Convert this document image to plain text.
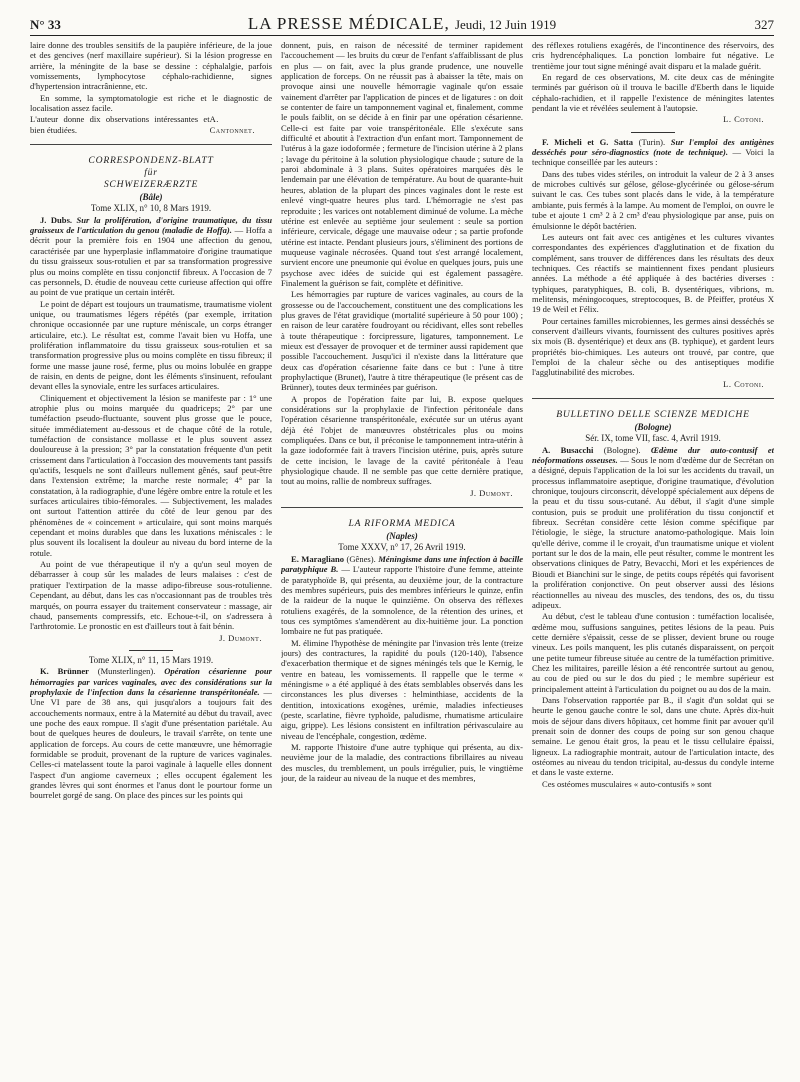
N° 33	LA PRESSE MÉDICALE, Jeudi, 12 Juin 1919	327

laire donne des troubles sensitifs de la paupière inférieure, de la joue et des gencives (nerf maxillaire supérieur). Si la lésion progresse en arrière, la méningite de la base se dessine : céphalalgie, parfois vomissements, lymphocytose céphalo-rachidienne, signes d'hypertension intracrânienne, etc.

En somme, la symptomatologie est riche et le diagnostic de localisation assez facile.

L'auteur donne dix observations intéressantes et bien étudiées.
A. Cantonnet.

CORRESPONDENZ-BLATT
für
SCHWEIZERÆRZTE

(Bâle)

Tome XLIX, n° 10, 8 Mars 1919.

J. Dubs. Sur la prolifération, d'origine traumatique, du tissu graisseux de l'articulation du genou (maladie de Hoffa). — Hoffa a décrit pour la première fois en 1904 une affection du genou, caractérisée par une hyperplasie inflammatoire d'origine traumatique du tissu graisseux sous-rotulien et par sa transformation progressive plus ou moins complète en tissu conjonctif fibreux. A l'occasion de 7 cas personnels, D. étudie de nouveau cette curieuse affection qui offre au point de vue pratique un certain intérêt.

Le point de départ est toujours un traumatisme, traumatisme violent unique, ou traumatismes légers répétés (par exemple, irritation chronique occasionnée par une rupture méniscale, un corps étranger articulaire, etc.). Le résultat est, comme l'avait bien vu Hoffa, une prolifération inflammatoire du tissu graisseux sous-rotulien et sa transformation progressive plus ou moins complète en tissu fibreux; il forme une masse jaune rosé, ferme, plus ou moins lobulée en grappe de raisin, en dents de peigne, dont les éléments s'insinuent, refoulant devant elles la synoviale, entre les surfaces articulaires.

Cliniquement et objectivement la lésion se manifeste par : 1° une atrophie plus ou moins marquée du quadriceps; 2° par une tuméfaction pseudo-fluctuante, souvent plus grosse que le pouce, située immédiatement au-dessous et de chaque côté de la rotule, tuméfaction de consistance mollasse et le plus souvent assez douloureuse à la pression; 3° par la constatation fréquente d'un petit crissement dans l'articulation à l'occasion des mouvements tant passifs qu'actifs, lesquels ne sont d'ailleurs nullement gênés, sauf peut-être dans l'extension extrême; la marche reste normale; 4° par la constatation, à la radiographie, d'une légère ombre entre la rotule et les surfaces articulaires tibio-fémorales. — Subjectivement, les malades ont surtout l'attention attirée du côté de leur genou par des phénomènes de « coincement » articulaire, qui sont moins marqués cependant et moins durables que dans les luxations méniscales : le plus souvent ils localisent la douleur au niveau du bord interne de la rotule.

Au point de vue thérapeutique il n'y a qu'un seul moyen de débarrasser à coup sûr les malades de leurs malaises : c'est de pratiquer l'extirpation de la masse adipo-fibreuse sous-rotulienne. Cependant, au début, dans les cas n'occasionnant pas de troubles très marqués, on pourra essayer du traitement conservateur : massage, air chaud, pansements compressifs, etc. Echoue-t-il, on s'adressera à l'arthrotomie. Le pronostic en est d'ailleurs tout à fait bénin.

J. Dumont.

Tome XLIX, n° 11, 15 Mars 1919.

K. Brünner (Munsterlingen). Opération césarienne pour hémorragies par varices vaginales, avec des considérations sur la prophylaxie de l'infection dans la césarienne transpéritonéale. — Une VI pare de 38 ans, qui jusqu'alors a toujours fait des accouchements normaux, entre à la Maternité au début du travail, avec une poche des eaux rompue. Il s'agit d'une présentation pariétale. Au bout de quelques heures de douleurs, le travail s'arrête, on tente une application de forceps. Au cours de cette manœuvre, une hémorragie formidable se produit, provenant de la rupture de varices vaginales. Celles-ci matelassent toute la paroi vaginale à laquelle elles donnent l'aspect d'un angiome caverneux ; elles occupent également les grandes lèvres qui sont énormes et l'anus dont le pourtour forme un bourrelet gorgé de sang. On place des pinces sur les points qui

donnent, puis, en raison de nécessité de terminer rapidement l'accouchement — les bruits du cœur de l'enfant s'affaiblissant de plus en plus — on fait, avec la plus grande prudence, une nouvelle application de forceps. On ne réussit pas à abaisser la tête, mais on provoque ainsi une nouvelle hémorragie vaginale qu'on essaie vainement d'arrêter par l'application de pinces et de ligatures : on doit se contenter de faire un tamponnement vaginal et, finalement, comme le pouls faiblit, on se décide à en finir par une opération césarienne. Celle-ci est faite par voie transpéritonéale. Elle s'exécute sans difficulté et aboutit à l'extraction d'un enfant mort. Tamponnement de l'utérus à la gaze iodoformée ; fermeture de l'incision utérine à 2 plans ; lavage du péritoine à la solution physiologique chaude ; suture de la paroi abdominale à 3 plans. Suites opératoires marquées dès le lendemain par une élévation de température. Au bout de quarante-huit heures, ablation de la plupart des pinces vaginales dont le reste est enlevé vingt-quatre heures plus tard. L'hémorragie ne s'est pas reproduite ; les varices ont notablement diminué de volume. La mèche utérine est enlevée au septième jour seulement : seule sa portion inférieure, cervicale, dégage une mauvaise odeur ; sa partie profonde utérine est intacte. Pendant plusieurs jours, s'éliminent des portions de muqueuse vaginale nécrosées. Quand tout s'est arrangé localement, survient encore une pneumonie qui évolue en quelques jours, puis une psychose avec idées de suicide qui est également passagère. Finalement la guérison se fait, complète et définitive.

Les hémorragies par rupture de varices vaginales, au cours de la grossesse ou de l'accouchement, constituent une des complications les plus graves de l'état gravidique (mortalité supérieure à 50 pour 100) ; en raison de leur caratère foudroyant ou récidivant, elles sont rebelles à toute thérapeutique : forcipressure, ligatures, tamponnement. Le mieux est d'essayer de provoquer et de terminer aussi rapidement que possible l'accouchement. Jusqu'ici il n'existe dans la littérature que deux cas d'opération césarienne faite dans ce but : l'une à titre prophylactique (Brunet), l'autre à titre thérapeutique (le présent cas de Brünner), toutes deux terminées par guérison.

A propos de l'opération faite par lui, B. expose quelques considérations sur la prophylaxie de l'infection péritonéale dans l'opération césarienne transpéritonéale, exécutée sur un utérus ayant déjà été l'objet de manœuvres obstétricales plus ou moins compliquées. Dans ce but, il préconise le tamponnement intra-utérin à la gaze iodoformée fait à travers l'incision utérine, puis, après suture de cette incision, le lavage de la cavité péritonéale à l'eau physiologique chaude. Il ne semble pas que cette dernière pratique, tout au moins, rallie de nombreux suffrages.

J. Dumont.

LA RIFORMA MEDICA

(Naples)

Tome XXXV, n° 17, 26 Avril 1919.

E. Maragliano (Gênes). Méningisme dans une infection à bacille paratyphique B. — L'auteur rapporte l'histoire d'une femme, atteinte de paratyphoïde B, qui présenta, au deuxième jour, de la contracture des membres supérieurs, puis des membres inférieurs le quinze, enfin de la raideur de la nuque le quinzième. On observa des réflexes rotuliens exagérés, de la somnolence, de la rétention des urines, et tous ces symptômes s'amendèrent au dix-huitième jour. La ponction lombaire ne fut pas pratiquée.

M. élimine l'hypothèse de méningite par l'invasion très lente (treize jours) des contractures, la rapidité du pouls (120-140), l'absence d'exacerbation thermique et de signes méningés tels que le Kernig, le ventre en bateau, les vomissements. Il rappelle que le terme « méningisme » a été appliqué à des états semblables observés dans les circonstances les plus diverses : helminthiase, accidents de la dentition, intoxications exogènes, urémie, maladies infectieuses (peste, scarlatine, fièvre typhoïde, paludisme, rhumatisme articulaire aigu, grippe). Les lésions consistent en infiltration périvasculaire au niveau de l'encéphale, congestion, œdème.

M. rapporte l'histoire d'une autre typhique qui présenta, au dix-neuvième jour de la maladie, des contractions fibrillaires au niveau des muscles, du tremblement, un pouls irrégulier, puis, le vingtième jour, de la raideur au niveau de la nuque et des membres,

des réflexes rotuliens exagérés, de l'incontinence des réservoirs, des cris hydrencéphaliques. La ponction lombaire fut négative. Le trentième jour tout signe méningé avait disparu et la malade guérit.

En regard de ces observations, M. cite deux cas de méningite terminés par guérison où il trouva le bacille d'Eberth dans le liquide céphalo-rachidien, et il rappelle l'existence de méningites latentes pendant la vie et révélées seulement à l'autopsie.

L. Cotoni.

F. Micheli et G. Satta (Turin). Sur l'emploi des antigènes desséchés pour séro-diagnostics (note de technique). — Voici la technique conseillée par les auteurs :

Dans des tubes vides stériles, on introduit la valeur de 2 à 3 anses de microbes cultivés sur gélose, gélose-glycérinée ou gélose-sérum suivant le cas. Ces tubes sont placés dans le vide, à la température ambiante, puis fermés à la lampe. Au moment de l'emploi, on ouvre le tube et ajoute 1 cm³ 2 à 2 cm³ d'eau physiologique par anse, puis on émulsionne le dépôt bactérien.

Les auteurs ont fait avec ces antigènes et les cultures vivantes correspondantes des expériences d'agglutination et de fixation du complément, sans trouver de différences dans les résultats des deux techniques. Ces réactifs se maintiennent fixes pendant plusieurs années. La méthode a été appliquée à des bactéries diverses : typhiques, paratyphiques, B. coli, B. dysentériques, vibrions, m. melitensis, méningocoques, streptocoques, B. de Pfeiffer, protéus X 19 de Weil et Félix.

Pour certaines familles microbiennes, les germes ainsi desséchés se conservent d'ailleurs vivants, fournissent des cultures positives après six mois (B. dysentérique) et deux ans (B. typhique), et gardent leurs propriétés bio-chimiques. Les auteurs ont trouvé, par contre, que l'emploi de la chaleur sèche ou des antiseptiques modifie l'agglutinabilité des microbes.

L. Cotoni.

BULLETINO DELLE SCIENZE MEDICHE

(Bologne)

Sér. IX, tome VII, fasc. 4, Avril 1919.

A. Busacchi (Bologne). Œdème dur auto-contusif et néoformations osseuses. — Sous le nom d'œdème dur de Secrétan on a désigné, depuis l'application de la loi sur les accidents du travail, un processus inflammatoire aseptique, d'origine traumatique, d'évolution chronique, toujours circonscrit, développé spécialement aux dépens de la peau et du tissu sous-cutané. Au début, il s'agit d'une simple contusion, puis se produit une prolifération du tissu conjonctif et fibreux. Secrétan considère cette lésion comme spécifique par l'étiologie, le siège, la structure anatomo-pathologique. Mais loin qu'elle dérive, comme il le croyait, d'un traumatisme unique et violent portant sur le dos de la main, elle peut résulter, comme le montrent les observations cliniques de Patry, Bevacchi, Mori et les expériences de Bioudi et Bianchini sur le singe, de petits coups répétés qui favorisent la prolifération conjonctive. On peut observer aussi des lésions réactionnelles au niveau des muscles, des tendons, des os, du tissu adipeux.

Au début, c'est le tableau d'une contusion : tuméfaction localisée, œdème mou, suffusions sanguines, petites lésions de la peau. Puis cette dernière s'épaissit, cesse de se plisser, devient brune ou rouge vineux. Les poils manquent, les plis cutanés disparaissent, on perçoit une petite tumeur fibreuse située au centre de la tuméfaction primitive. Chez les militaires, pareille lésion a été rencontrée surtout au genou, au cou de pied ou sur le dos du pied ; le membre supérieur est principalement atteint à l'articulation du poignet ou au dos de la main.

Dans l'observation rapportée par B., il s'agit d'un soldat qui se heurte le genou gauche contre le sol, dans une chute. Après dix-huit mois de séjour dans divers hôpitaux, cet homme finit par avouer qu'il prenait soin de donner des coups de poing sur son genou chaque semaine. Le genou était gros, la peau et le tissu cellulaire épaissi, ligneux. La radiographie montrait, autour de l'articulation intacte, des ostéomes au niveau du tendon tricipital, au-dessus du condyle interne et dans le vaste externe.

Ces ostéomes musculaires « auto-contusifs » sont
